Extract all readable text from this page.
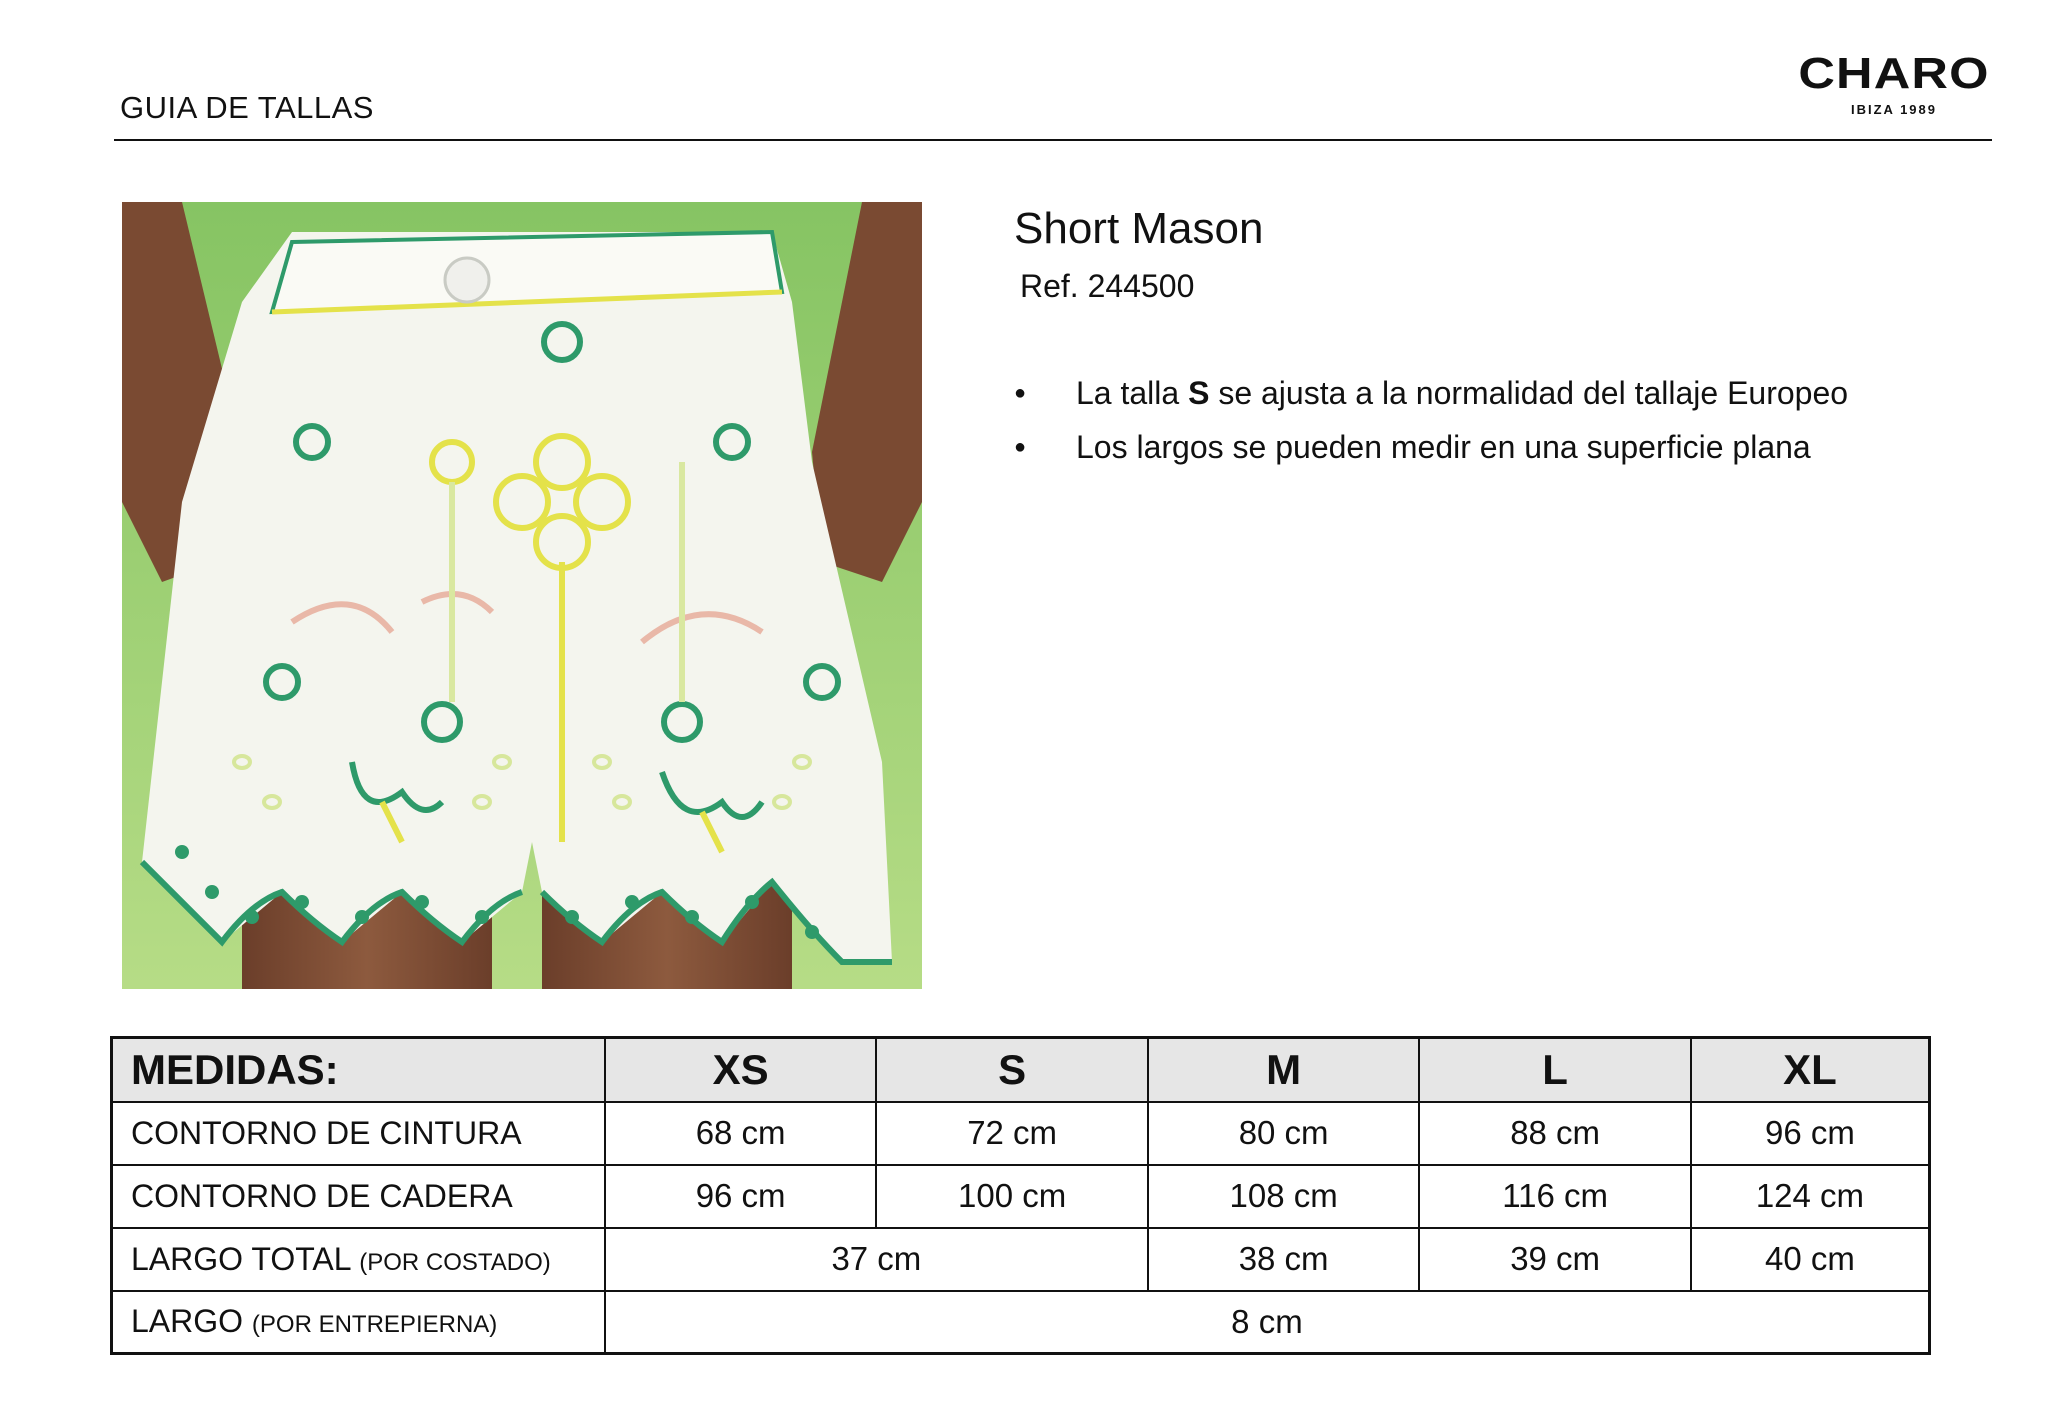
GUIA DE TALLAS
CHARO
IBIZA 1989
Short Mason
Ref. 244500
● La talla S se ajusta a la normalidad del tallaje Europeo
● Los largos se pueden medir en una superficie plana
MEDIDAS:	XS	S	M	L	XL
CONTORNO DE CINTURA	68 cm	72 cm	80 cm	88 cm	96 cm
CONTORNO DE CADERA	96 cm	100 cm	108 cm	116 cm	124 cm
LARGO TOTAL (POR COSTADO)	37 cm		38 cm	39 cm	40 cm
LARGO (POR ENTREPIERNA)	8 cm				
